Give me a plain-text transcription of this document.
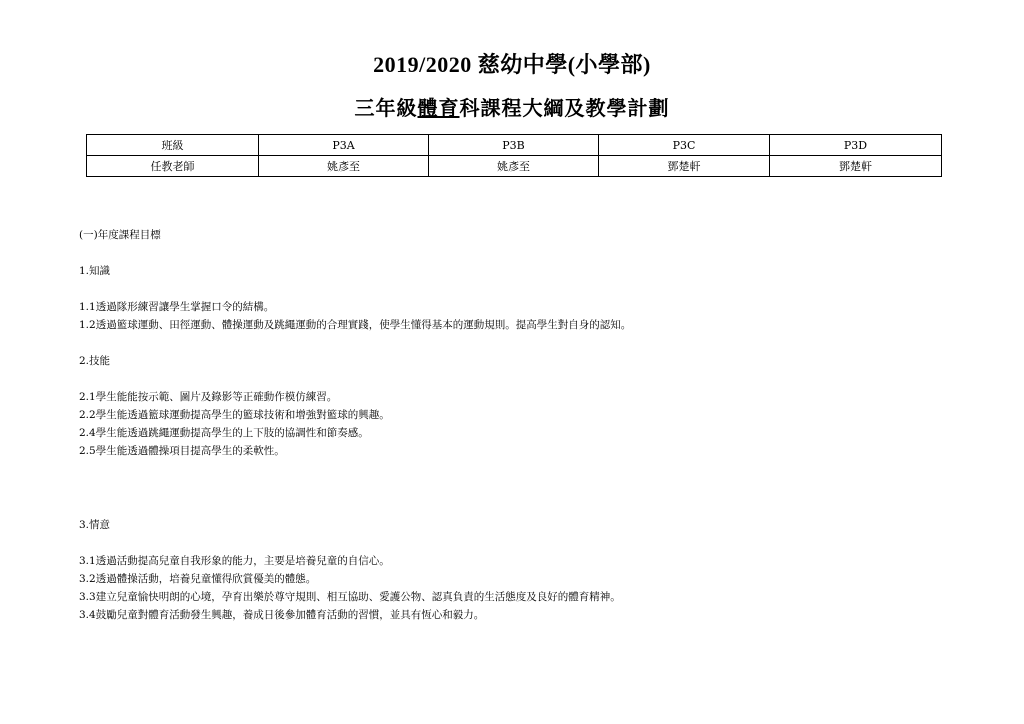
2019/2020 慈幼中學(小學部)
三年級體育科課程大綱及教學計劃
班級	P3A	P3B	P3C	P3D
任教老師	姚彥至	姚彥至	鄧楚軒	鄧楚軒

(一)年度課程目標

1.知識

1.1透過隊形練習讓學生掌握口令的結構。

1.2透過籃球運動、田徑運動、體操運動及跳繩運動的合理實踐，使學生懂得基本的運動規則。提高學生對自身的認知。

2.技能

2.1學生能能按示範、圖片及錄影等正確動作模仿練習。

2.2學生能透過籃球運動提高學生的籃球技術和增強對籃球的興趣。

2.4學生能透過跳繩運動提高學生的上下肢的協調性和節奏感。

2.5學生能透過體操項目提高學生的柔軟性。

3.情意

3.1透過活動提高兒童自我形象的能力，主要是培養兒童的自信心。

3.2透過體操活動，培養兒童懂得欣賞優美的體態。

3.3建立兒童愉快明朗的心境，孕育出樂於尊守規則、相互協助、愛護公物、認真負責的生活態度及良好的體育精神。

3.4鼓勵兒童對體育活動發生興趣，養成日後參加體育活動的習慣，並具有恆心和毅力。
